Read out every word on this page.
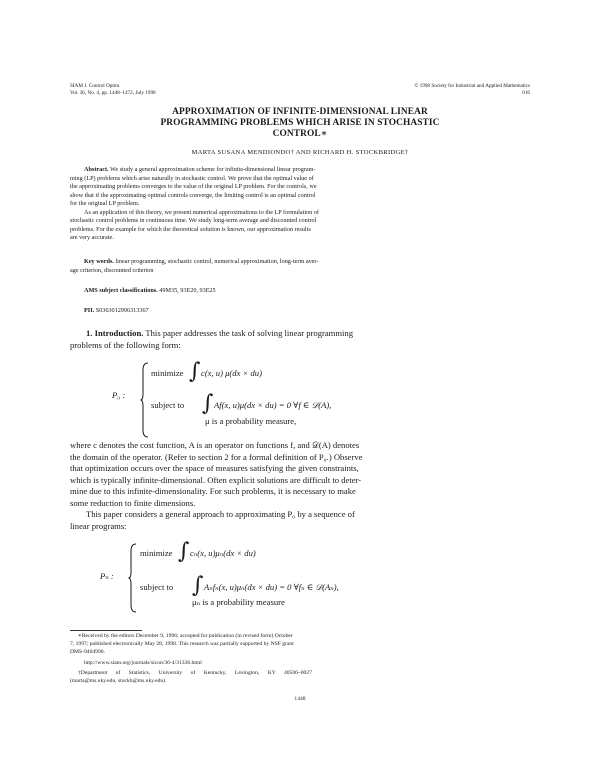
SIAM J. Control Optim.
Vol. 36, No. 4, pp. 1448–1472, July 1998
© 1998 Society for Industrial and Applied Mathematics
016
APPROXIMATION OF INFINITE-DIMENSIONAL LINEAR
PROGRAMMING PROBLEMS WHICH ARISE IN STOCHASTIC
CONTROL∗
MARTA SUSANA MENDIONDO† AND RICHARD H. STOCKBRIDGE†
Abstract. We study a general approximation scheme for infinite-dimensional linear program-
ming (LP) problems which arise naturally in stochastic control. We prove that the optimal value of
the approximating problems converges to the value of the original LP problem. For the controls, we
show that if the approximating optimal controls converge, the limiting control is an optimal control
for the original LP problem.
As an application of this theory, we present numerical approximations to the LP formulation of
stochastic control problems in continuous time. We study long-term average and discounted control
problems. For the example for which the theoretical solution is known, our approximation results
are very accurate.
Key words. linear programming, stochastic control, numerical approximation, long-term aver-
age criterion, discounted criterion
AMS subject classifications. 49M35, 93E20, 93E25
PII. S0363012996313367
1. Introduction. This paper addresses the task of solving linear programming
problems of the following form:
P₀ :
minimize ∫ c(x, u) μ(dx × du)
subject to ∫ Af(x, u)μ(dx × du) = 0 ∀f ∈ 𝒟(A),
μ is a probability measure,
where c denotes the cost function, A is an operator on functions f, and 𝒟(A) denotes
the domain of the operator. (Refer to section 2 for a formal definition of P₀.) Observe
that optimization occurs over the space of measures satisfying the given constraints,
which is typically infinite-dimensional. Often explicit solutions are difficult to deter-
mine due to this infinite-dimensionality. For such problems, it is necessary to make
some reduction to finite dimensions.
This paper considers a general approach to approximating P₀ by a sequence of
linear programs:
Pₙ :
minimize ∫ cₙ(x, u)μₙ(dx × du)
subject to ∫ Aₙfₙ(x, u)μₙ(dx × du) = 0 ∀fₙ ∈ 𝒟(Aₙ),
μₙ is a probability measure
∗Received by the editors December 9, 1996; accepted for publication (in revised form) October
7, 1997; published electronically May 28, 1998. This research was partially supported by NSF grant
DMS-9404990.
http://www.siam.org/journals/sicon/36-4/31336.html
†Department of Statistics, University of Kentucky, Lexington, KY 40506–0027
(marta@ms.uky.edu, stockb@ms.uky.edu).
1448
